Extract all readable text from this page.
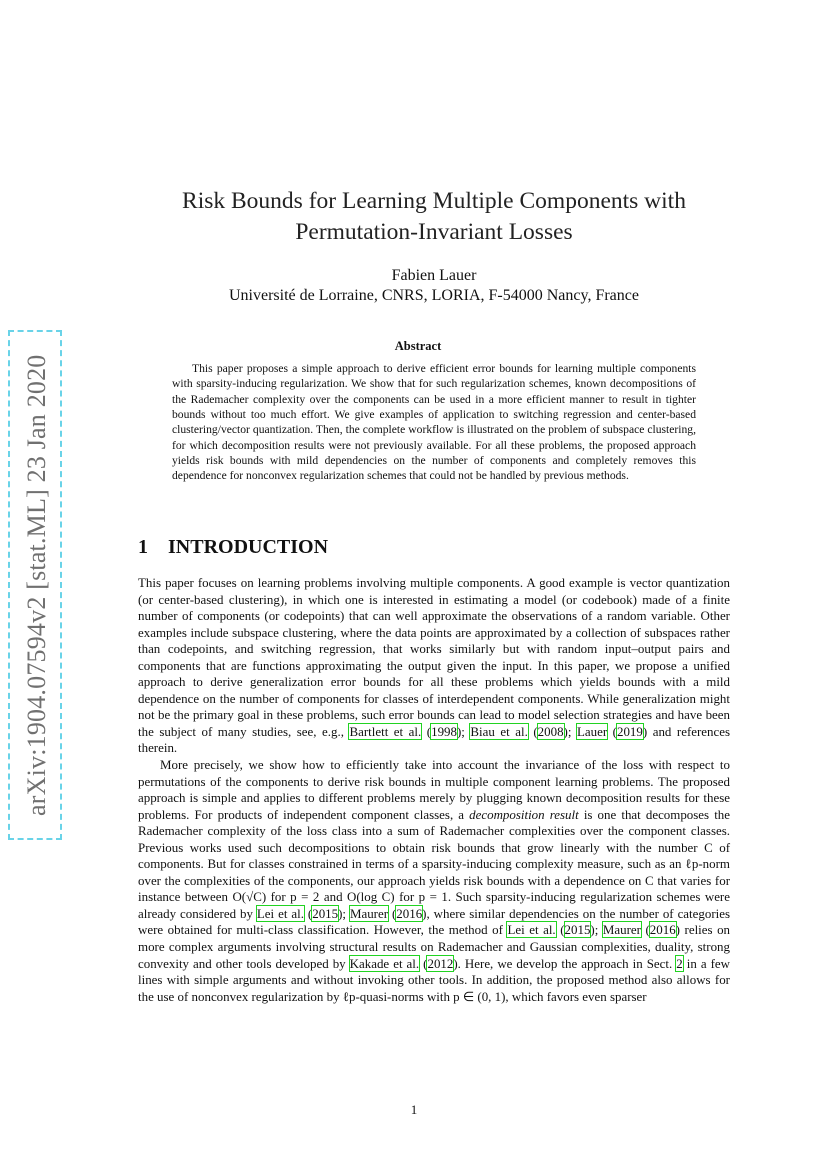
arXiv:1904.07594v2 [stat.ML] 23 Jan 2020
Risk Bounds for Learning Multiple Components with
Permutation-Invariant Losses
Fabien Lauer
Université de Lorraine, CNRS, LORIA, F-54000 Nancy, France
Abstract

This paper proposes a simple approach to derive efficient error bounds for learning multiple components with sparsity-inducing regularization. We show that for such regularization schemes, known decompositions of the Rademacher complexity over the components can be used in a more efficient manner to result in tighter bounds without too much effort. We give examples of application to switching regression and center-based clustering/vector quantization. Then, the complete workflow is illustrated on the problem of subspace clustering, for which decomposition results were not previously available. For all these problems, the proposed approach yields risk bounds with mild dependencies on the number of components and completely removes this dependence for nonconvex regularization schemes that could not be handled by previous methods.

1 INTRODUCTION

This paper focuses on learning problems involving multiple components. A good example is vector quantization (or center-based clustering), in which one is interested in estimating a model (or codebook) made of a finite number of components (or codepoints) that can well approximate the observations of a random variable. Other examples include subspace clustering, where the data points are approximated by a collection of subspaces rather than codepoints, and switching regression, that works similarly but with random input–output pairs and components that are functions approximating the output given the input. In this paper, we propose a unified approach to derive generalization error bounds for all these problems which yields bounds with a mild dependence on the number of components for classes of interdependent components. While generalization might not be the primary goal in these problems, such error bounds can lead to model selection strategies and have been the subject of many studies, see, e.g., Bartlett et al. (1998); Biau et al. (2008); Lauer (2019) and references therein.

More precisely, we show how to efficiently take into account the invariance of the loss with respect to permutations of the components to derive risk bounds in multiple component learning problems. The proposed approach is simple and applies to different problems merely by plugging known decomposition results for these problems. For products of independent component classes, a decomposition result is one that decomposes the Rademacher complexity of the loss class into a sum of Rademacher complexities over the component classes. Previous works used such decompositions to obtain risk bounds that grow linearly with the number C of components. But for classes constrained in terms of a sparsity-inducing complexity measure, such as an ℓp-norm over the complexities of the components, our approach yields risk bounds with a dependence on C that varies for instance between O(√C) for p = 2 and O(log C) for p = 1. Such sparsity-inducing regularization schemes were already considered by Lei et al. (2015); Maurer (2016), where similar dependencies on the number of categories were obtained for multi-class classification. However, the method of Lei et al. (2015); Maurer (2016) relies on more complex arguments involving structural results on Rademacher and Gaussian complexities, duality, strong convexity and other tools developed by Kakade et al. (2012). Here, we develop the approach in Sect. 2 in a few lines with simple arguments and without invoking other tools. In addition, the proposed method also allows for the use of nonconvex regularization by ℓp-quasi-norms with p ∈ (0, 1), which favors even sparser

1
